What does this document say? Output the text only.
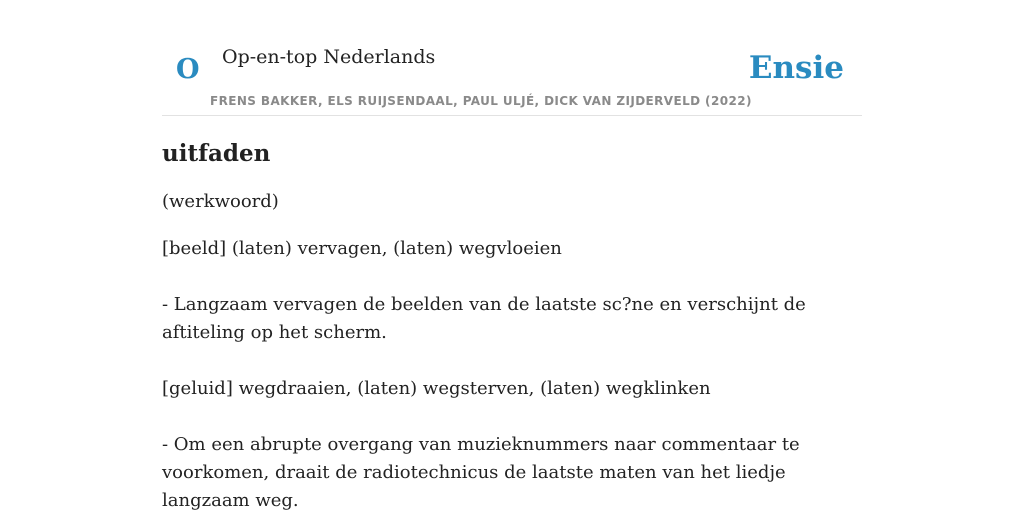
O Op-en-top Nederlands
FRENS BAKKER, ELS RUIJSENDAAL, PAUL ULJÉ, DICK VAN ZIJDERVELD (2022)
Ensie
uitfaden

(werkwoord)

[beeld] (laten) vervagen, (laten) wegvloeien

- Langzaam vervagen de beelden van de laatste sc?ne en verschijnt de aftiteling op het scherm.

[geluid] wegdraaien, (laten) wegsterven, (laten) wegklinken

- Om een abrupte overgang van muzieknummers naar commentaar te voorkomen, draait de radiotechnicus de laatste maten van het liedje langzaam weg.
